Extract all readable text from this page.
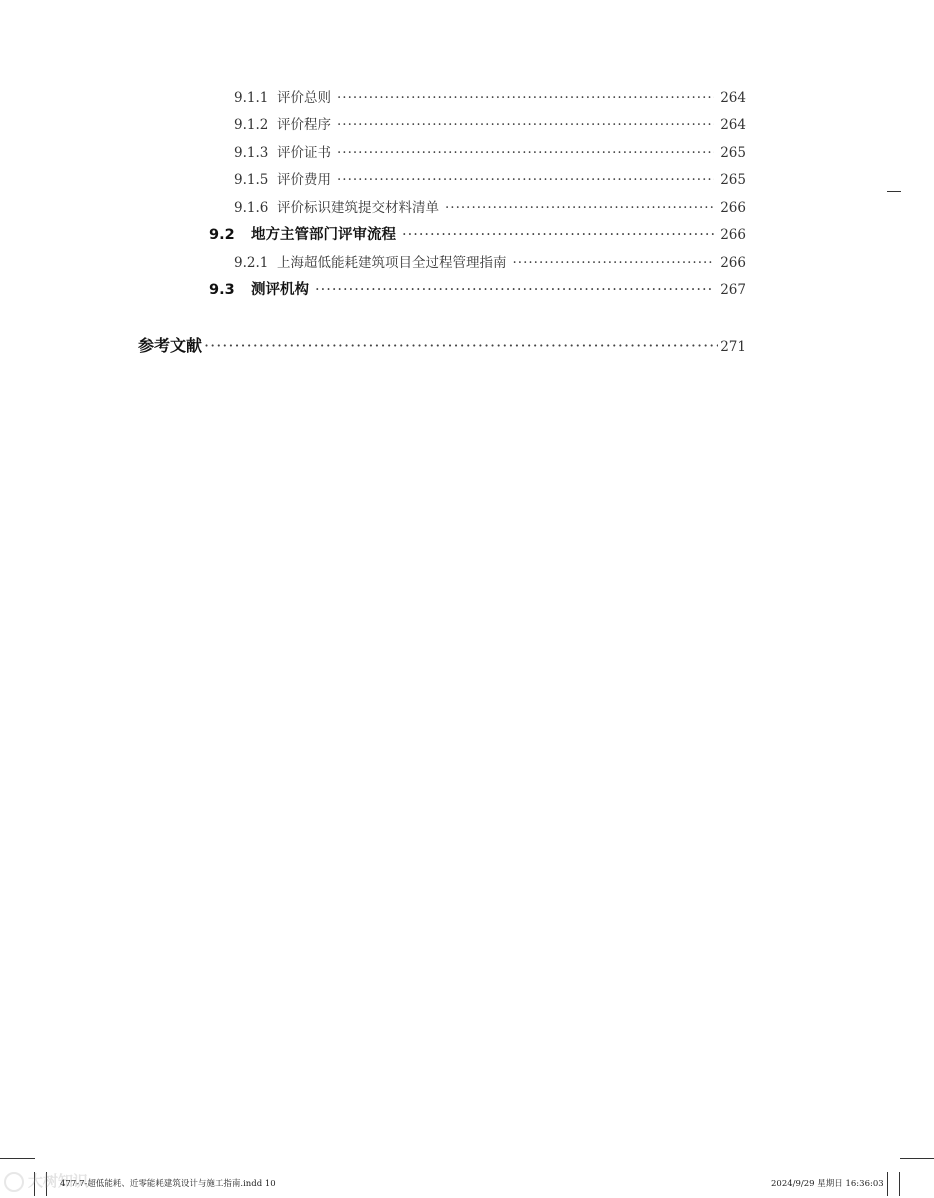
9.1.1 评价总则 ·····	264
9.1.2 评价程序 ·····	264
9.1.3 评价证书 ·····	265
9.1.5 评价费用 ·····	265
9.1.6 评价标识建筑提交材料清单 ·····	266
9.2	地方主管部门评审流程 ·····	266
9.2.1 上海超低能耗建筑项目全过程管理指南 ·····	266
9.3	测评机构 ·····	267
参考文献 ·····	271
大树知识
477-7-超低能耗、近零能耗建筑设计与施工指南.indd 10	2024/9/29 星期日 16:36:03
